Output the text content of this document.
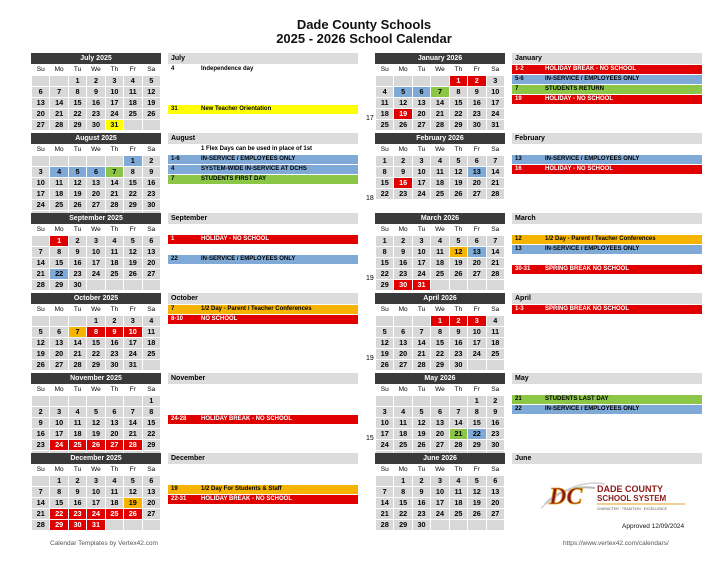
Dade County Schools
2025 - 2026 School Calendar
July 2025
Su	Mo	Tu	We	Th	Fr	Sa
		1	2	3	4	5
6	7	8	9	10	11	12
13	14	15	16	17	18	19
20	21	22	23	24	25	26
27	28	29	30	31		
July
4	Independence day
31	New Teacher Orientation
17
August 2025
Su	Mo	Tu	We	Th	Fr	Sa
					1	2
3	4	5	6	7	8	9
10	11	12	13	14	15	16
17	18	19	20	21	22	23
24	25	26	27	28	29	30

August
1 Flex Days can be used in place of 1st
1-6	IN-SERVICE / EMPLOYEES ONLY
4	SYSTEM-WIDE IN-SERVICE AT DCHS
7	STUDENTS FIRST DAY
18
September 2025
Su	Mo	Tu	We	Th	Fr	Sa
	1	2	3	4	5	6
7	8	9	10	11	12	13
14	15	16	17	18	19	20
21	22	23	24	25	26	27
28	29	30				
September
1	HOLIDAY - NO SCHOOL
22	IN-SERVICE / EMPLOYEES ONLY
19
October 2025
Su	Mo	Tu	We	Th	Fr	Sa
			1	2	3	4
5	6	7	8	9	10	11
12	13	14	15	16	17	18
19	20	21	22	23	24	25
26	27	28	29	30	31	
October
7	1/2 Day - Parent / Teacher Conferences
8-10	NO SCHOOL
19
November 2025
Su	Mo	Tu	We	Th	Fr	Sa
						1
2	3	4	5	6	7	8
9	10	11	12	13	14	15
16	17	18	19	20	21	22
23	24	25	26	27	28	29

November
24-28 HOLIDAY BREAK - NO SCHOOL
15
December 2025
Su	Mo	Tu	We	Th	Fr	Sa
	1	2	3	4	5	6
7	8	9	10	11	12	13
14	15	16	17	18	19	20
21	22	23	24	25	26	27
28	29	30	31			
December
19	1/2 Day For Students & Staff
22-31 HOLIDAY BREAK - NO SCHOOL
January 2026
Su	Mo	Tu	We	Th	Fr	Sa
				1	2	3
4	5	6	7	8	9	10
11	12	13	14	15	16	17
18	19	20	21	22	23	24
25	26	27	28	29	30	31
January
1-2	HOLIDAY BREAK - NO SCHOOL
5-6	IN-SERVICE / EMPLOYEES ONLY
7	STUDENTS RETURN
19	HOLIDAY - NO SCHOOL
February 2026
Su	Mo	Tu	We	Th	Fr	Sa
1	2	3	4	5	6	7
8	9	10	11	12	13	14
15	16	17	18	19	20	21
22	23	24	25	26	27	28
February
13	IN-SERVICE / EMPLOYEES ONLY
16	HOLIDAY - NO SCHOOL
March 2026
Su	Mo	Tu	We	Th	Fr	Sa
1	2	3	4	5	6	7
8	9	10	11	12	13	14
15	16	17	18	19	20	21
22	23	24	25	26	27	28
29	30	31				
March
12	1/2 Day - Parent / Teacher Conferences
13	IN-SERVICE / EMPLOYEES ONLY
30-31 SPRING BREAK NO SCHOOL
April 2026
Su	Mo	Tu	We	Th	Fr	Sa
			1	2	3	4
5	6	7	8	9	10	11
12	13	14	15	16	17	18
19	20	21	22	23	24	25
26	27	28	29	30		
April
1-3	SPRING BREAK NO SCHOOL
May 2026
Su	Mo	Tu	We	Th	Fr	Sa
					1	2
3	4	5	6	7	8	9
10	11	12	13	14	15	16
17	18	19	20	21	22	23
24	25	26	27	28	29	30

May
21	STUDENTS LAST DAY
22	IN-SERVICE / EMPLOYEES ONLY
June 2026
Su	Mo	Tu	We	Th	Fr	Sa
	1	2	3	4	5	6
7	8	9	10	11	12	13
14	15	16	17	18	19	20
21	22	23	24	25	26	27
28	29	30				
June
DC DADE COUNTY
SCHOOL SYSTEM
CHARACTER · TRADITION · EXCELLENCE
Approved 12/09/2024
Calendar Templates by Vertex42.com	https://www.vertex42.com/calendars/
